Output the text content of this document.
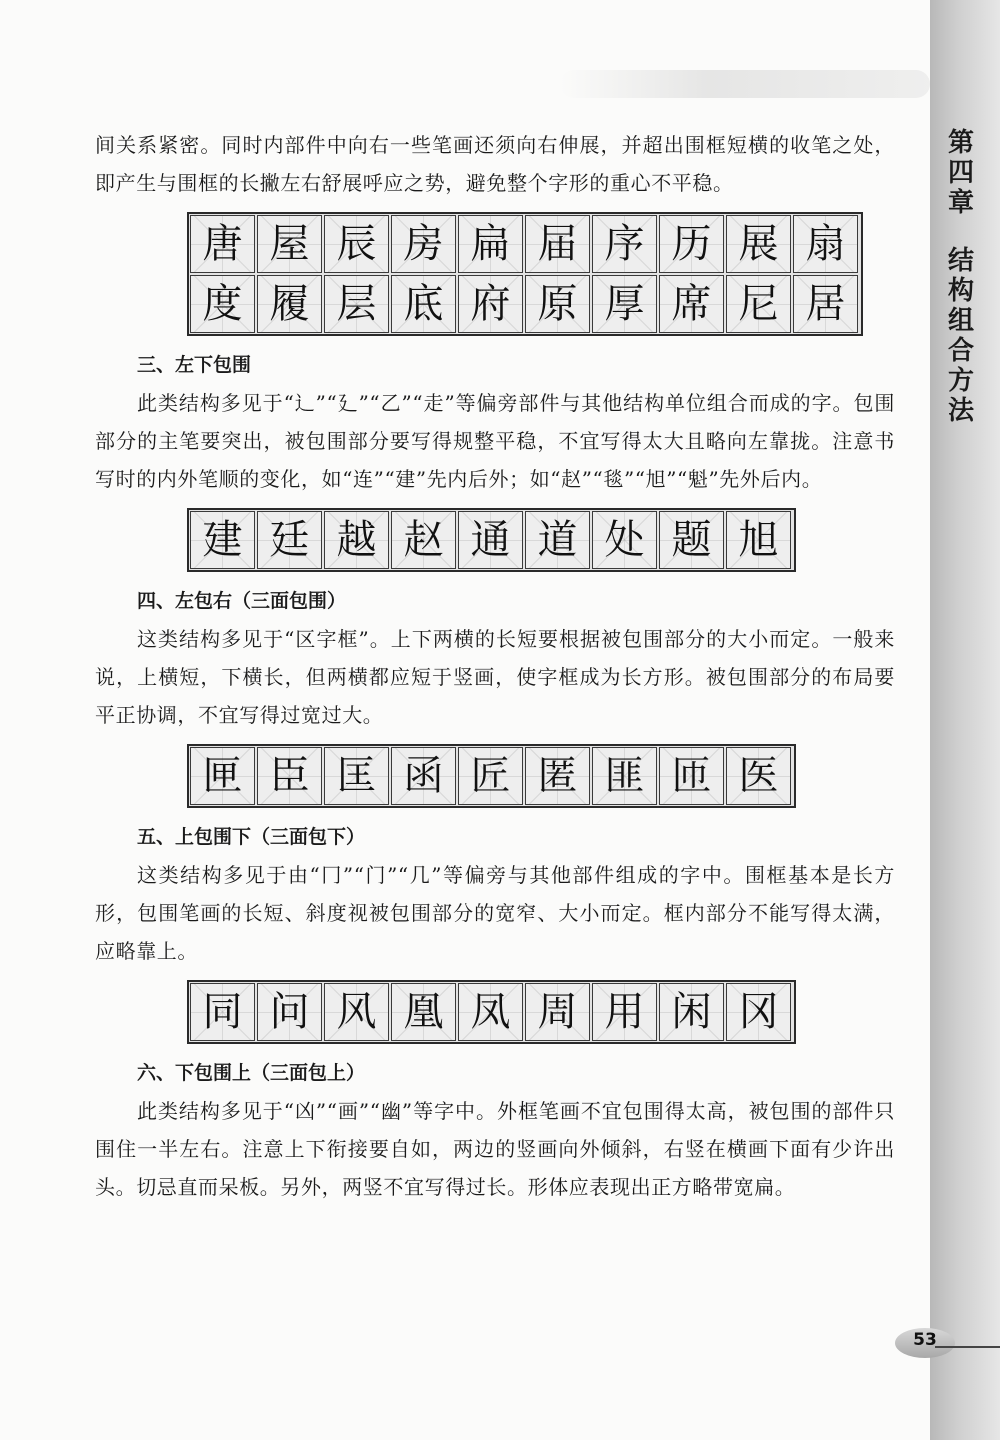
第四章
结构组合方法

间关系紧密。同时内部件中向右一些笔画还须向右伸展，并超出围框短横的收笔之处，即产生与围框的长撇左右舒展呼应之势，避免整个字形的重心不平稳。

唐 屋 辰 房 扁 届 序 历 展 扇
度 履 层 底 府 原 厚 席 尼 居
三、左下包围

此类结构多见于“辶”“廴”“乙”“走”等偏旁部件与其他结构单位组合而成的字。包围部分的主笔要突出，被包围部分要写得规整平稳，不宜写得太大且略向左靠拢。注意书写时的内外笔顺的变化，如“连”“建”先内后外；如“赵”“毯”“旭”“魁”先外后内。

建 廷 越 赵 通 道 处 题 旭
四、左包右（三面包围）

这类结构多见于“区字框”。上下两横的长短要根据被包围部分的大小而定。一般来说，上横短，下横长，但两横都应短于竖画，使字框成为长方形。被包围部分的布局要平正协调，不宜写得过宽过大。

匣 臣 匡 函 匠 匿 匪 匝 医
五、上包围下（三面包下）

这类结构多见于由“冂”“门”“几”等偏旁与其他部件组成的字中。围框基本是长方形，包围笔画的长短、斜度视被包围部分的宽窄、大小而定。框内部分不能写得太满，应略靠上。

同 问 风 凰 凤 周 用 闲 冈
六、下包围上（三面包上）

此类结构多见于“凶”“画”“幽”等字中。外框笔画不宜包围得太高，被包围的部件只围住一半左右。注意上下衔接要自如，两边的竖画向外倾斜，右竖在横画下面有少许出头。切忌直而呆板。另外，两竖不宜写得过长。形体应表现出正方略带宽扁。

53
